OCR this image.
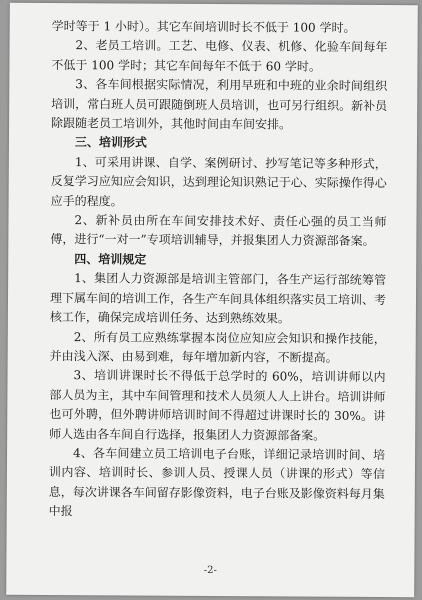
学时等于 1 小时）。其它车间培训时长不低于 100 学时。

2、老员工培训。工艺、电修、仪表、机修、化验车间每年不低于 100 学时；其它车间每年不低于 60 学时。

3、各车间根据实际情况，利用早班和中班的业余时间组织培训，常白班人员可跟随倒班人员培训，也可另行组织。新补员除跟随老员工培训外，其他时间由车间安排。

三、培训形式

1、可采用讲课、自学、案例研讨、抄写笔记等多种形式，反复学习应知应会知识，达到理论知识熟记于心、实际操作得心应手的程度。

2、新补员由所在车间安排技术好、责任心强的员工当师傅，进行“一对一”专项培训辅导，并报集团人力资源部备案。

四、培训规定

1、集团人力资源部是培训主管部门，各生产运行部统筹管理下属车间的培训工作，各生产车间具体组织落实员工培训、考核工作，确保完成培训任务、达到熟练效果。

2、所有员工应熟练掌握本岗位应知应会知识和操作技能，并由浅入深、由易到难，每年增加新内容，不断提高。

3、培训讲课时长不得低于总学时的 60%，培训讲师以内部人员为主，其中车间管理和技术人员须人人上讲台。培训讲师也可外聘，但外聘讲师培训时间不得超过讲课时长的 30%。讲师人选由各车间自行选择，报集团人力资源部备案。

4、各车间建立员工培训电子台账，详细记录培训时间、培训内容、培训时长、参训人员、授课人员（讲课的形式）等信息，每次讲课各车间留存影像资料，电子台账及影像资料每月集中报

-2-
